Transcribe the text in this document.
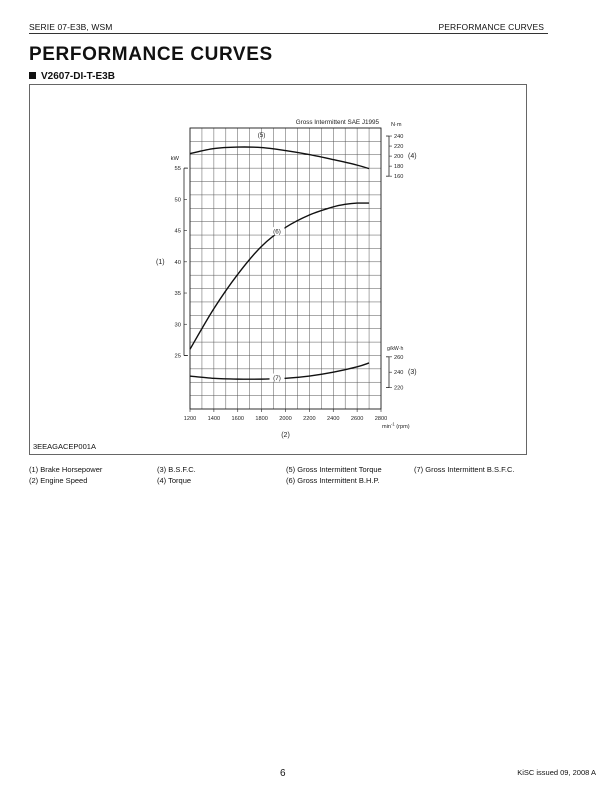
SERIE 07-E3B, WSM	PERFORMANCE CURVES
PERFORMANCE CURVES
V2607-DI-T-E3B
Gross Intermittent SAE J1995
1200 1400 1600 1800 2000 2200 2400 2600 2800
$\min^{-1} (rpm)$
(2)
25
30
35
40
45
50
55
kW
(1)
160
180
200
220
240
N·m
(4)
220
240
260
g/kW·h
(3)
(5)
(6)
(7)
3EEAGACEP001A
(1) Brake Horsepower
(2) Engine Speed
(3) B.S.F.C.
(4) Torque
(5) Gross Intermittent Torque
(6) Gross Intermittent B.H.P.
(7) Gross Intermittent B.S.F.C.
6	KiSC issued 09, 2008 A
